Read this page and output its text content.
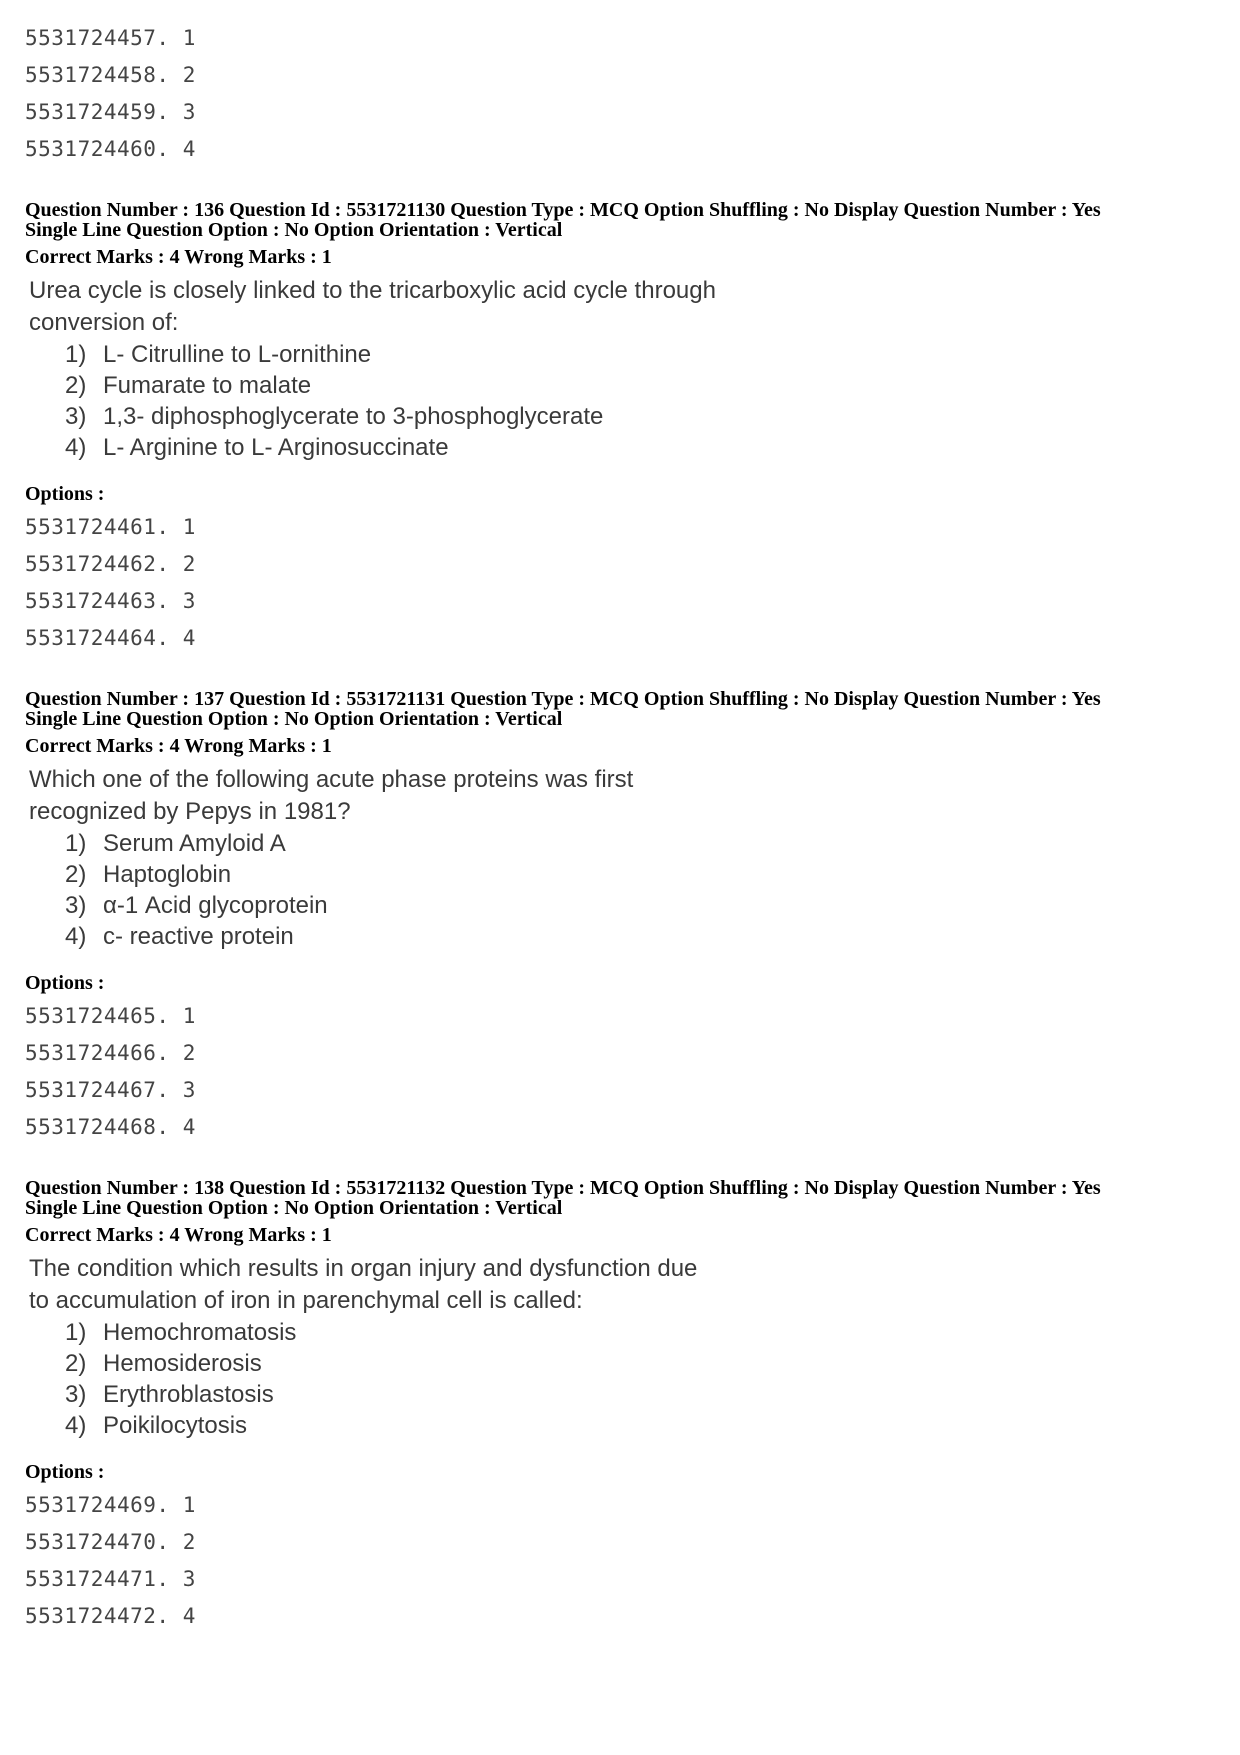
5531724457. 1
5531724458. 2
5531724459. 3
5531724460. 4
Question Number : 136 Question Id : 5531721130 Question Type : MCQ Option Shuffling : No Display Question Number : Yes
Single Line Question Option : No Option Orientation : Vertical
Correct Marks : 4 Wrong Marks : 1
Urea cycle is closely linked to the tricarboxylic acid cycle through
conversion of:
1) L- Citrulline to L-ornithine
2) Fumarate to malate
3) 1,3- diphosphoglycerate to 3-phosphoglycerate
4) L- Arginine to L- Arginosuccinate
Options :
5531724461. 1
5531724462. 2
5531724463. 3
5531724464. 4
Question Number : 137 Question Id : 5531721131 Question Type : MCQ Option Shuffling : No Display Question Number : Yes
Single Line Question Option : No Option Orientation : Vertical
Correct Marks : 4 Wrong Marks : 1
Which one of the following acute phase proteins was first
recognized by Pepys in 1981?
1) Serum Amyloid A
2) Haptoglobin
3) α-1 Acid glycoprotein
4) c- reactive protein
Options :
5531724465. 1
5531724466. 2
5531724467. 3
5531724468. 4
Question Number : 138 Question Id : 5531721132 Question Type : MCQ Option Shuffling : No Display Question Number : Yes
Single Line Question Option : No Option Orientation : Vertical
Correct Marks : 4 Wrong Marks : 1
The condition which results in organ injury and dysfunction due
to accumulation of iron in parenchymal cell is called:
1) Hemochromatosis
2) Hemosiderosis
3) Erythroblastosis
4) Poikilocytosis
Options :
5531724469. 1
5531724470. 2
5531724471. 3
5531724472. 4
